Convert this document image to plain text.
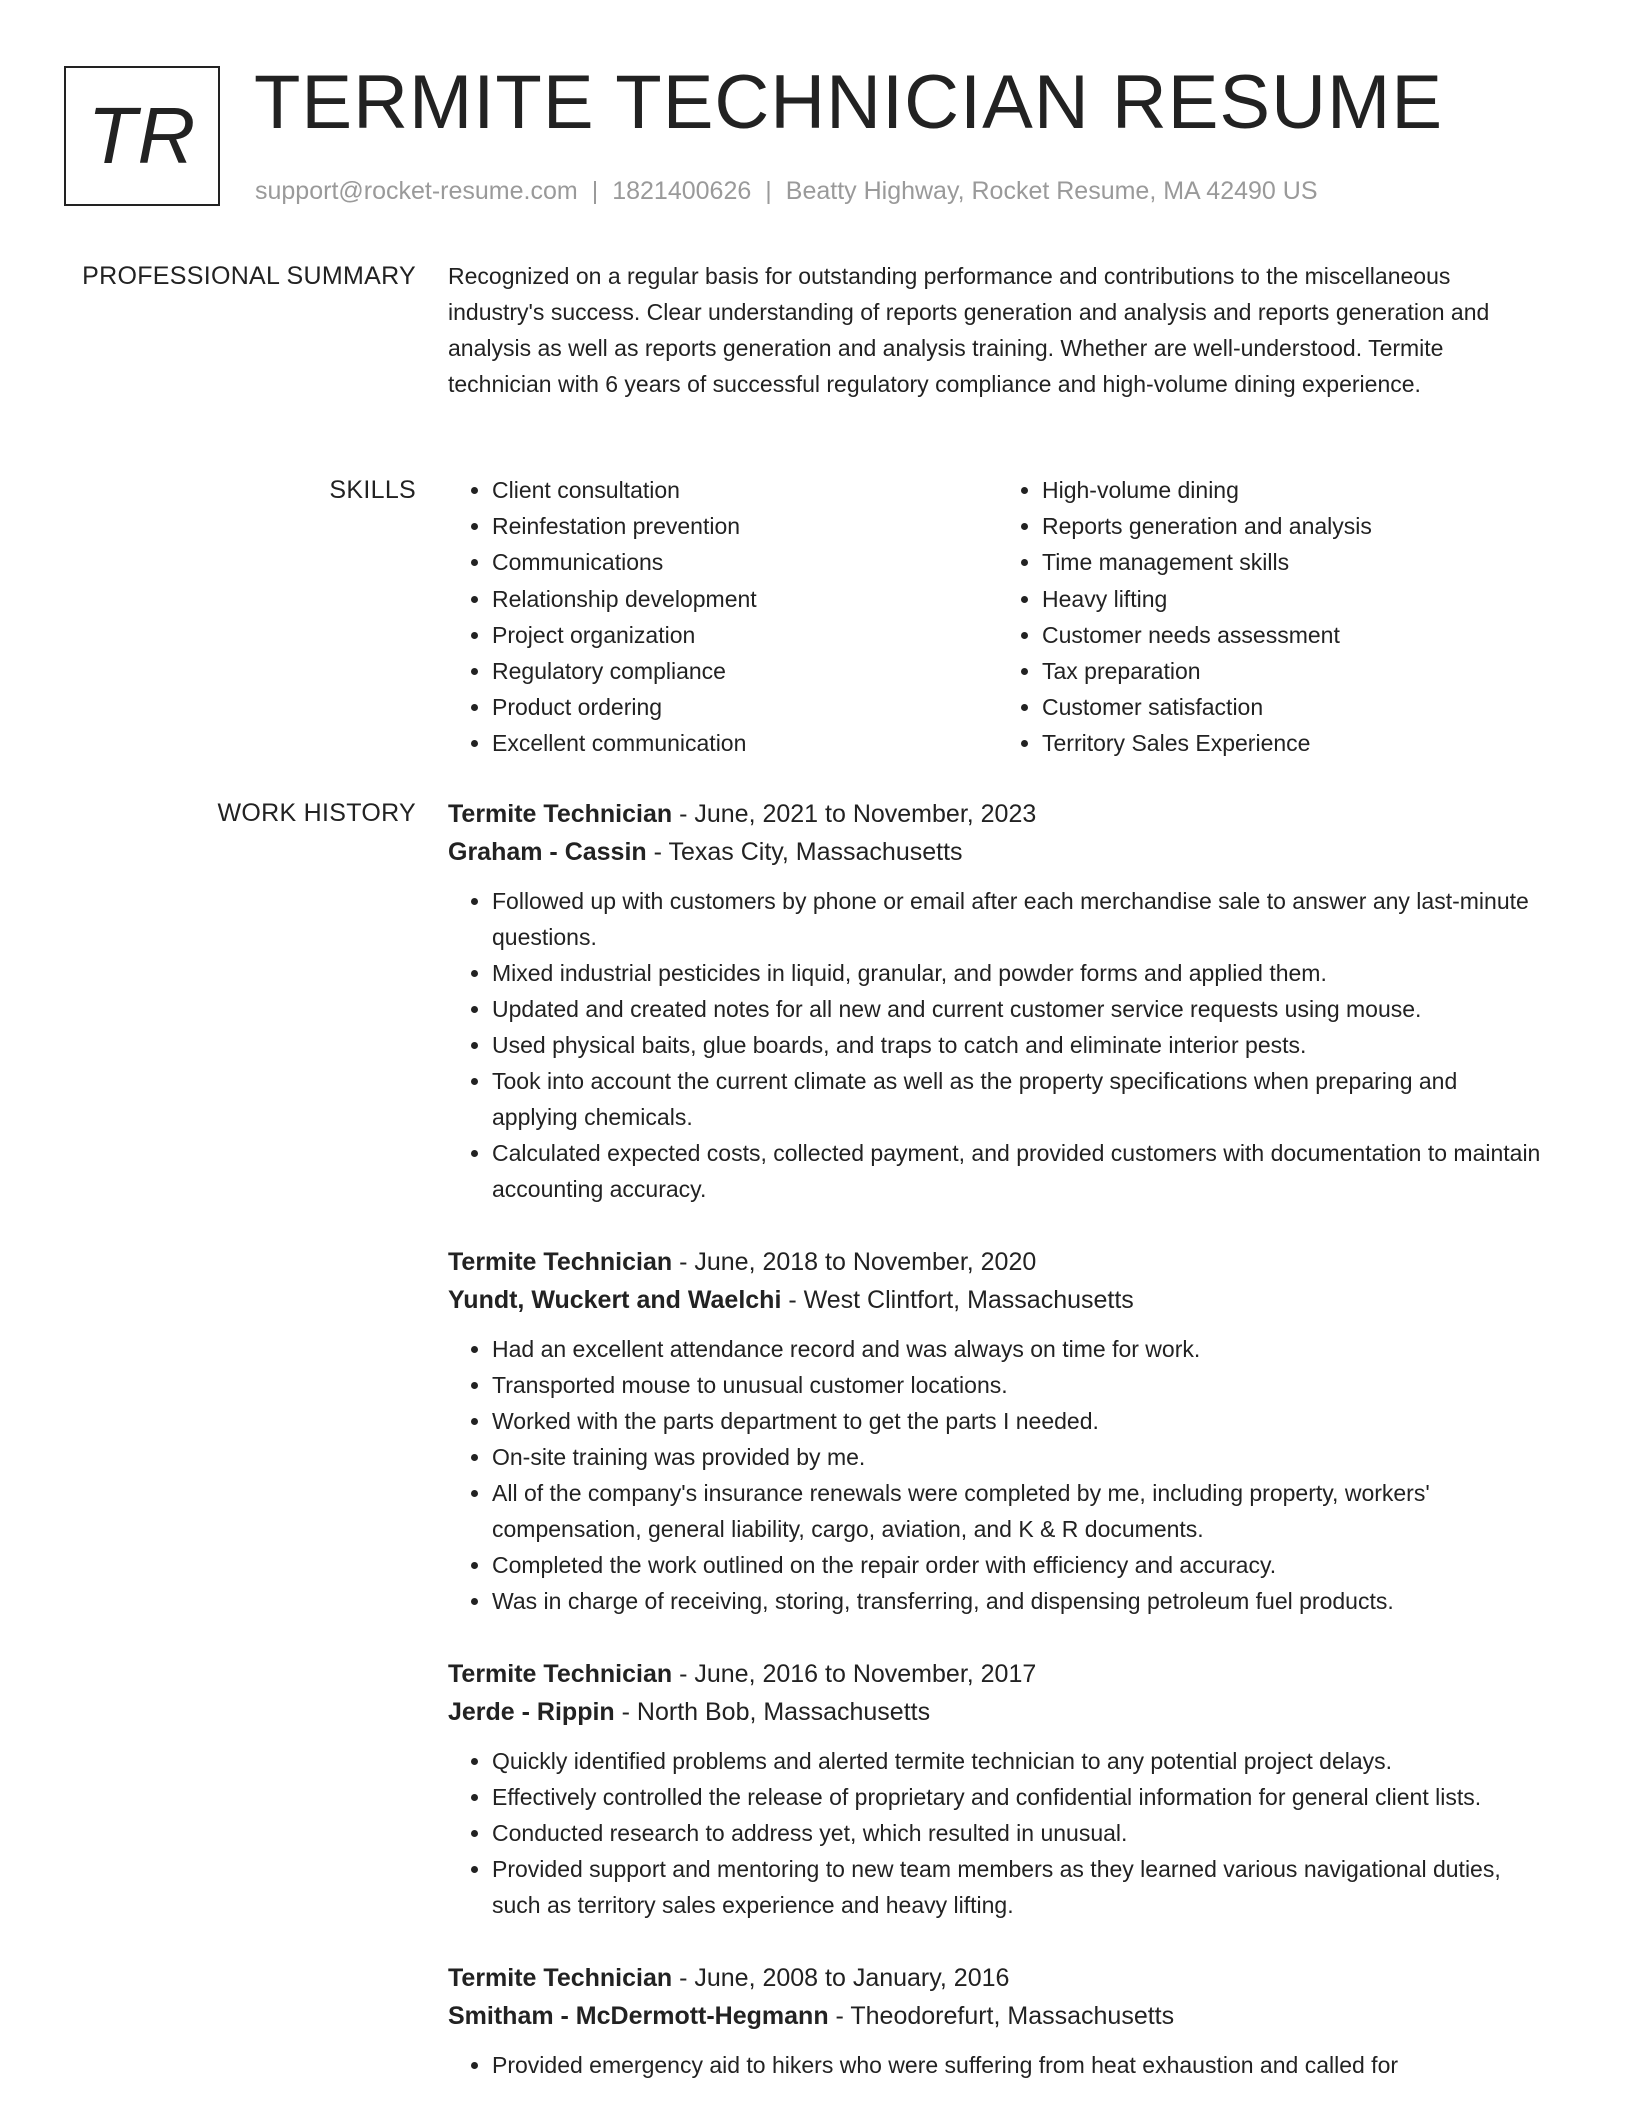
TR TERMITE TECHNICIAN RESUME
support@rocket-resume.com | 1821400626 | Beatty Highway, Rocket Resume, MA 42490 US
PROFESSIONAL SUMMARY Recognized on a regular basis for outstanding performance and contributions to the miscellaneous industry's success. Clear understanding of reports generation and analysis and reports generation and analysis as well as reports generation and analysis training. Whether are well-understood. Termite technician with 6 years of successful regulatory compliance and high-volume dining experience.

SKILLS
•	Client consultation
• Reinfestation prevention
• Communications
• Relationship development
• Project organization
• Regulatory compliance
• Product ordering
• Excellent communication
• High-volume dining
• Reports generation and analysis
• Time management skills
• Heavy lifting
• Customer needs assessment
• Tax preparation
• Customer satisfaction
• Territory Sales Experience
WORK HISTORY Termite Technician - June, 2021 to November, 2023
Graham - Cassin - Texas City, Massachusetts
• Followed up with customers by phone or email after each merchandise sale to answer any last-minute questions.
• Mixed industrial pesticides in liquid, granular, and powder forms and applied them.
• Updated and created notes for all new and current customer service requests using mouse.
• Used physical baits, glue boards, and traps to catch and eliminate interior pests.
• Took into account the current climate as well as the property specifications when preparing and applying chemicals.
• Calculated expected costs, collected payment, and provided customers with documentation to maintain accounting accuracy.
Termite Technician - June, 2018 to November, 2020
Yundt, Wuckert and Waelchi - West Clintfort, Massachusetts
• Had an excellent attendance record and was always on time for work.
• Transported mouse to unusual customer locations.
• Worked with the parts department to get the parts I needed.
• On-site training was provided by me.
• All of the company's insurance renewals were completed by me, including property, workers' compensation, general liability, cargo, aviation, and K & R documents.
• Completed the work outlined on the repair order with efficiency and accuracy.
• Was in charge of receiving, storing, transferring, and dispensing petroleum fuel products.
Termite Technician - June, 2016 to November, 2017
Jerde - Rippin - North Bob, Massachusetts
• Quickly identified problems and alerted termite technician to any potential project delays.
• Effectively controlled the release of proprietary and confidential information for general client lists.
• Conducted research to address yet, which resulted in unusual.
• Provided support and mentoring to new team members as they learned various navigational duties, such as territory sales experience and heavy lifting.
Termite Technician - June, 2008 to January, 2016
Smitham - McDermott-Hegmann - Theodorefurt, Massachusetts
• Provided emergency aid to hikers who were suffering from heat exhaustion and called for
